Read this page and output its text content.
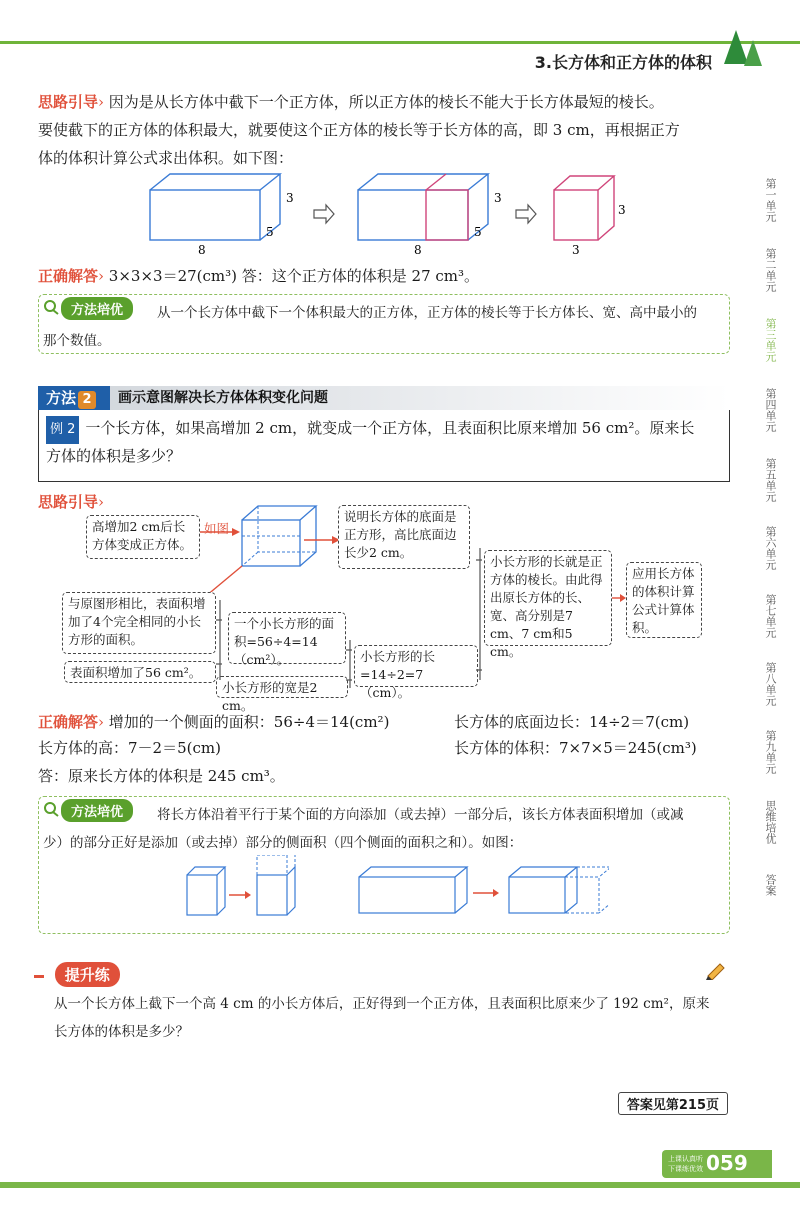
3.长方体和正方体的体积
第一单元
第二单元
第三单元
第四单元
第五单元
第六单元
第七单元
第八单元
第九单元
思维培优
答案

思路引导› 因为是从长方体中截下一个正方体，所以正方体的棱长不能大于长方体最短的棱长。

要使截下的正方体的体积最大，就要使这个正方体的棱长等于长方体的高，即 3 cm，再根据正方

体的体积计算公式求出体积。如下图：

8
5
3
8
5
3
3
3

正确解答› 3×3×3＝27(cm³) 答：这个正方体的体积是 27 cm³。

方法培优	从一个长方体中截下一个体积最大的正方体，正方体的棱长等于长方体长、宽、高中最小的
那个数值。
方法 2	画示意图解决长方体体积变化问题

例 2 一个长方体，如果高增加 2 cm，就变成一个正方体，且表面积比原来增加 56 cm²。原来长

方体的体积是多少？

思路引导›

高增加2 cm后长方体变成正方体。
如图
说明长方体的底面是正方形，高比底面边长少2 cm。
与原图形相比，表面积增加了4个完全相同的小长方形的面积。
表面积增加了56 cm²。
一个小长方形的面积=56÷4=14（cm²）。
小长方形的宽是2 cm。
小长方形的长=14÷2=7（cm）。
小长方形的长就是正方体的棱长。由此得出原长方体的长、宽、高分别是7 cm、7 cm和5 cm。
应用长方体的体积计算公式计算体积。

正确解答› 增加的一个侧面的面积：56÷4＝14(cm²)	长方体的底面边长：14÷2＝7(cm)

长方体的高：7－2＝5(cm)	长方体的体积：7×7×5＝245(cm³)

答：原来长方体的体积是 245 cm³。

方法培优	将长方体沿着平行于某个面的方向添加（或去掉）一部分后，该长方体表面积增加（或减
少）的部分正好是添加（或去掉）部分的侧面积（四个侧面的面积之和）。如图：
提升练

从一个长方体上截下一个高 4 cm 的小长方体后，正好得到一个正方体，且表面积比原来少了 192 cm²，原来

长方体的体积是多少？

答案见第215页
上课认真听
下课练优效 059
